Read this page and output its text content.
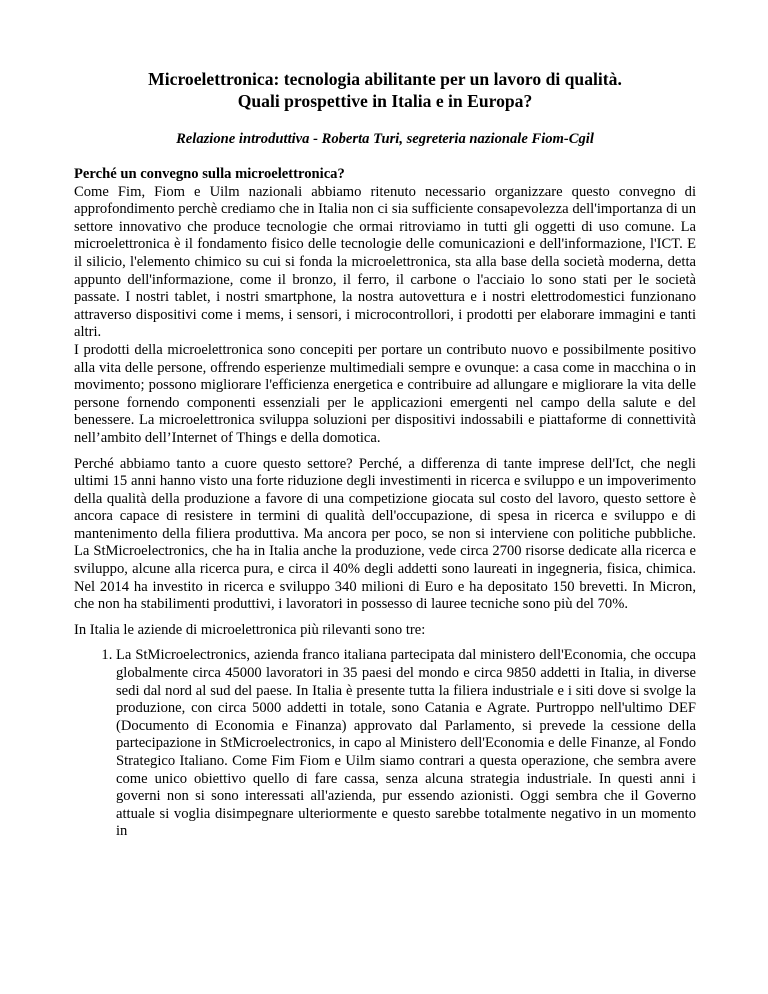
Microelettronica: tecnologia abilitante per un lavoro di qualità.
Quali prospettive in Italia e in Europa?

Relazione introduttiva - Roberta Turi, segreteria nazionale Fiom-Cgil

Perché un convegno sulla microelettronica?

Come Fim, Fiom e Uilm nazionali abbiamo ritenuto necessario organizzare questo convegno di approfondimento perchè crediamo che in Italia non ci sia sufficiente consapevolezza dell'importanza di un settore innovativo che produce tecnologie che ormai ritroviamo in tutti gli oggetti di uso comune. La microelettronica è il fondamento fisico delle tecnologie delle comunicazioni e dell'informazione, l'ICT. E il silicio, l'elemento chimico su cui si fonda la microelettronica, sta alla base della società moderna, detta appunto dell'informazione, come il bronzo, il ferro, il carbone o l'acciaio lo sono stati per le società passate. I nostri tablet, i nostri smartphone, la nostra autovettura e i nostri elettrodomestici funzionano attraverso dispositivi come i mems, i sensori, i microcontrollori, i prodotti per elaborare immagini e tanti altri.

I prodotti della microelettronica sono concepiti per portare un contributo nuovo e possibilmente positivo alla vita delle persone, offrendo esperienze multimediali sempre e ovunque: a casa come in macchina o in movimento; possono migliorare l'efficienza energetica e contribuire ad allungare e migliorare la vita delle persone fornendo componenti essenziali per le applicazioni emergenti nel campo della salute e del benessere. La microelettronica sviluppa soluzioni per dispositivi indossabili e piattaforme di connettività nell’ambito dell’Internet of Things e della domotica.

Perché abbiamo tanto a cuore questo settore? Perché, a differenza di tante imprese dell'Ict, che negli ultimi 15 anni hanno visto una forte riduzione degli investimenti in ricerca e sviluppo e un impoverimento della qualità della produzione a favore di una competizione giocata sul costo del lavoro, questo settore è ancora capace di resistere in termini di qualità dell'occupazione, di spesa in ricerca e sviluppo e di mantenimento della filiera produttiva. Ma ancora per poco, se non si interviene con politiche pubbliche. La StMicroelectronics, che ha in Italia anche la produzione, vede circa 2700 risorse dedicate alla ricerca e sviluppo, alcune alla ricerca pura, e circa il 40% degli addetti sono laureati in ingegneria, fisica, chimica. Nel 2014 ha investito in ricerca e sviluppo 340 milioni di Euro e ha depositato 150 brevetti. In Micron, che non ha stabilimenti produttivi, i lavoratori in possesso di lauree tecniche sono più del 70%.

In Italia le aziende di microelettronica più rilevanti sono tre:

1. La StMicroelectronics, azienda franco italiana partecipata dal ministero dell'Economia, che occupa globalmente circa 45000 lavoratori in 35 paesi del mondo e circa 9850 addetti in Italia, in diverse sedi dal nord al sud del paese. In Italia è presente tutta la filiera industriale e i siti dove si svolge la produzione, con circa 5000 addetti in totale, sono Catania e Agrate. Purtroppo nell'ultimo DEF (Documento di Economia e Finanza) approvato dal Parlamento, si prevede la cessione della partecipazione in StMicroelectronics, in capo al Ministero dell'Economia e delle Finanze, al Fondo Strategico Italiano. Come Fim Fiom e Uilm siamo contrari a questa operazione, che sembra avere come unico obiettivo quello di fare cassa, senza alcuna strategia industriale. In questi anni i governi non si sono interessati all'azienda, pur essendo azionisti. Oggi sembra che il Governo attuale si voglia disimpegnare ulteriormente e questo sarebbe totalmente negativo in un momento in
